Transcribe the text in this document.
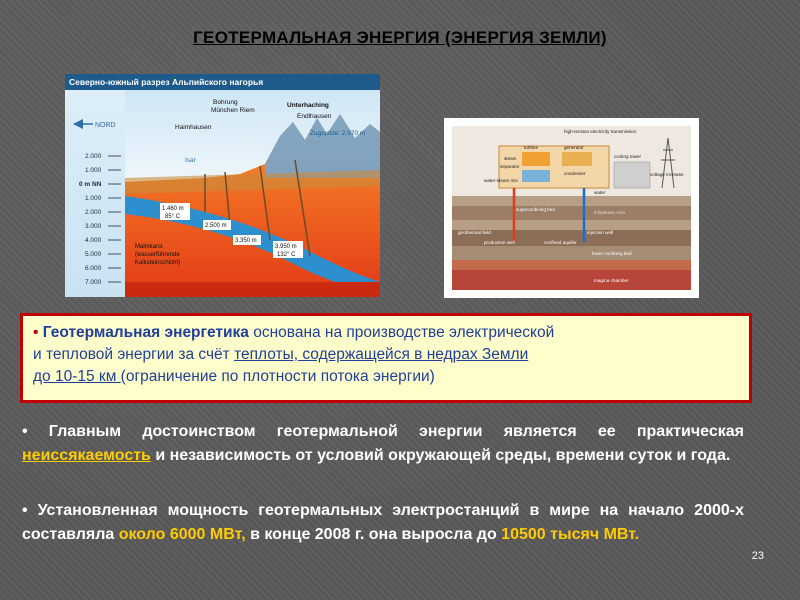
ГЕОТЕРМАЛЬНАЯ ЭНЕРГИЯ (ЭНЕРГИЯ ЗЕМЛИ)
Северно-южный разрез Альпийского нагорья
2.000
1.000
0 m NN
1.000
2.000
3.000
4.000
5.000
6.000
7.000
NORD
Bohrung
München Riem
Haimhausen
Unterhaching
Endlhausen
Zugspitze: 2.970 m
Isar
1.460 m
85° C
2.500 m
3.350 m
3.950 m
132° C
Malmkarst
(wasserführende
Kalksteinschicht)
high-tension electricity transmission
turbine	generator
steam
separator
condenser
water-steam mix
cooling tower
voltage increase
water
superconfining bed
infoplease.com
geothermal field	injection well
production well	confined aquifer
lower confining bed
magma chamber

• Геотермальная энергетика основана на производстве электрической
и тепловой энергии за счёт теплоты, содержащейся в недрах Земли
до 10-15 км (ограничение по плотности потока энергии)

• Главным достоинством геотермальной энергии является ее практическая неиссякаемость и независимость от условий окружающей среды, времени суток и года.
• Установленная мощность геотермальных электростанций в мире на начало 2000-х составляла около 6000 МВт, в конце 2008 г. она выросла до 10500 тысяч МВт.
23
